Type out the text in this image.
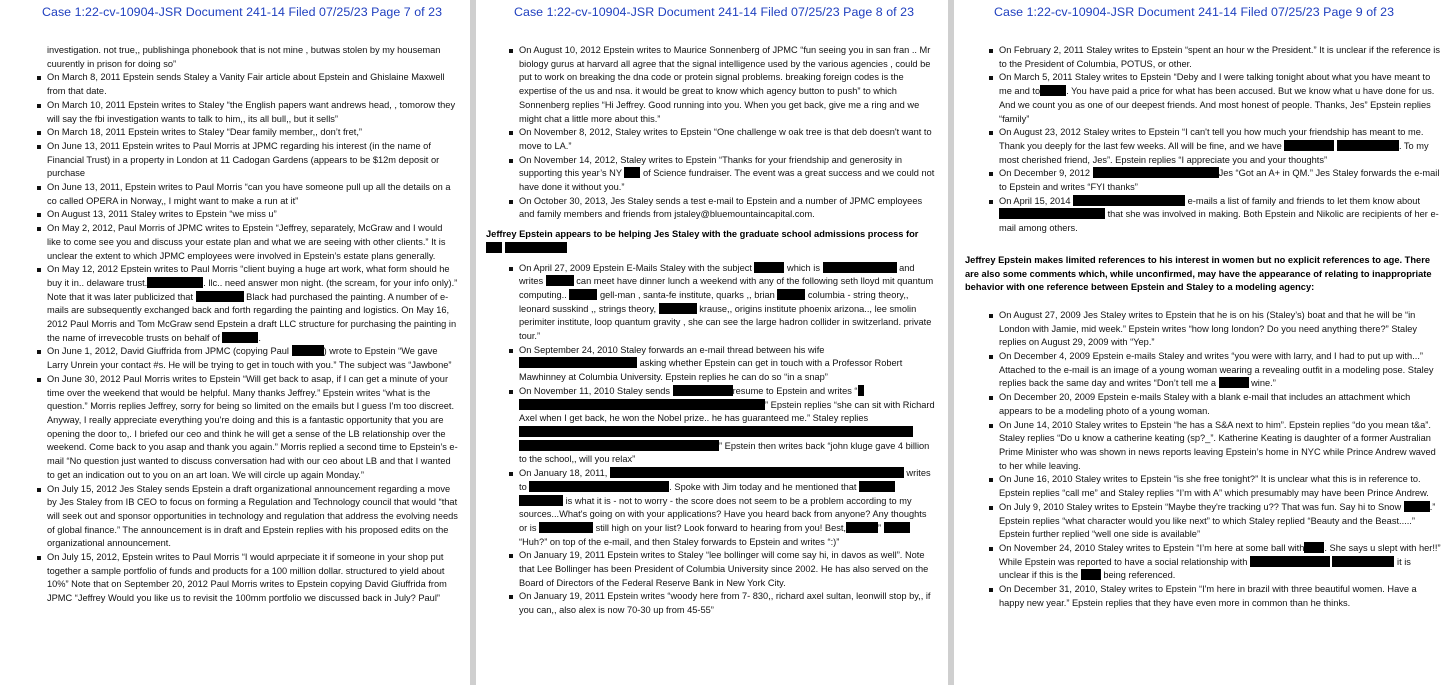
Case 1:22-cv-10904-JSR Document 241-14 Filed 07/25/23 Page 7 of 23
investigation. not true,, publishinga phonebook that is not mine , butwas stolen by my houseman cuurently in prison for doing so”
On March 8, 2011 Epstein sends Staley a Vanity Fair article about Epstein and Ghislaine Maxwell from that date.
On March 10, 2011 Epstein writes to Staley “the English papers want andrews head, , tomorow they will say the fbi investigation wants to talk to him,, its all bull,, but it sells”
On March 18, 2011 Epstein writes to Staley “Dear family member,, don’t fret,”
On June 13, 2011 Epstein writes to Paul Morris at JPMC regarding his interest (in the name of Financial Trust) in a property in London at 11 Cadogan Gardens (appears to be $12m deposit or purchase
On June 13, 2011, Epstein writes to Paul Morris “can you have someone pull up all the details on a co called OPERA in Norway,, I might want to make a run at it”
On August 13, 2011 Staley writes to Epstein “we miss u”
On May 2, 2012, Paul Morris of JPMC writes to Epstein “Jeffrey, separately, McGraw and I would like to come see you and discuss your estate plan and what we are seeing with other clients.” It is unclear the extent to which JPMC employees were involved in Epstein’s estate plans generally.
On May 12, 2012 Epstein writes to Paul Morris “client buying a huge art work, what form should he buy it in.. delaware trust.	. llc.. need answer mon night. (the scream, for your info only).” Note that it was later publicized that	Black had purchased the painting. A number of e-mails are subsequently exchanged back and forth regarding the painting and logistics. On May 16, 2012 Paul Morris and Tom McGraw send Epstein a draft LLC structure for purchasing the painting in the name of irrevecoble trusts on behalf of	.
On June 1, 2012, David Giuffrida from JPMC (copying Paul	) wrote to Epstein “We gave Larry Unrein your contact #s. He will be trying to get in touch with you.” The subject was “Jawbone”
On June 30, 2012 Paul Morris writes to Epstein “Will get back to asap, if I can get a minute of your time over the weekend that would be helpful. Many thanks Jeffrey.” Epstein writes “what is the question.” Morris replies Jeffrey, sorry for being so limited on the emails but I guess I'm too discreet. Anyway, I really appreciate everything you're doing and this is a fantastic opportunity that you are opening the door to,. I briefed our ceo and think he will get a sense of the LB relationship over the weekend. Come back to you asap and thank you again.” Morris replied a second time to Epstein’s e-mail “No question just wanted to discuss conversation had with our ceo about LB and that I wanted to get an indication out to you on an art loan. We will circle up again Monday.”
On July 15, 2012 Jes Staley sends Epstein a draft organizational announcement regarding a move by Jes Staley from IB CEO to focus on forming a Regulation and Technology council that would “that will seek out and sponsor opportunities in technology and regulation that address the evolving needs of global finance.” The announcement is in draft and Epstein replies with his proposed edits on the organizational announcement.
On July 15, 2012, Epstein writes to Paul Morris “I would aprpeciate it if someone in your shop put together a sample portfolio of funds and products for a 100 million dollar. structured to yield about 10%” Note that on September 20, 2012 Paul Morris writes to Epstein copying David Giuffrida from JPMC “Jeffrey Would you like us to revisit the 100mm portfolio we discussed back in July? Paul”
Case 1:22-cv-10904-JSR Document 241-14 Filed 07/25/23 Page 8 of 23
On August 10, 2012 Epstein writes to Maurice Sonnenberg of JPMC “fun seeing you in san fran .. Mr biology gurus at harvard all agree that the signal intelligence used by the various agencies , could be put to work on breaking the dna code or protein signal problems. breaking foreign codes is the expertise of the us and nsa. it would be great to know which agency button to push” to which Sonnenberg replies “Hi Jeffrey. Good running into you. When you get back, give me a ring and we might chat a little more about this.”
On November 8, 2012, Staley writes to Epstein “One challenge w oak tree is that deb doesn't want to move to LA.”
On November 14, 2012, Staley writes to Epstein “Thanks for your friendship and generosity in supporting this year’s NY  of Science fundraiser. The event was a great success and we could not have done it without you.”
On October 30, 2013, Jes Staley sends a test e-mail to Epstein and a number of JPMC employees and family members and friends from jstaley@bluemountaincapital.com.
Jeffrey Epstein appears to be helping Jes Staley with the graduate school admissions process for
On April 27, 2009 Epstein E-Mails Staley with the subject	which is	and writes	can meet have dinner lunch a weekend with any of the following seth lloyd mit quantum computing..	gell-man , santa-fe institute, quarks ,, brian	columbia - string theory,, leonard susskind ,, strings theory,	krause,, origins institute phoenix arizona.., lee smolin perimiter institute, loop quantum gravity , she can see the large hadron collider in switzerland. private tour.”
On September 24, 2010 Staley forwards an e-mail thread between his wife  asking whether Epstein can get in touch with a Professor Robert Mawhinney at Columbia University. Epstein replies he can do so “in a snap”
On November 11, 2010 Staley sends	resume to Epstein and writes “ ” Epstein replies “she can sit with Richard Axel when I get back, he won the Nobel prize.. he has guaranteed me.” Staley replies  ” Epstein then writes back “john kluge gave 4 billion to the school,, will you relax”
On January 18, 2011,	writes to	. Spoke with Jim today and he mentioned that   is what it is - not to worry - the score does not seem to be a problem according to my sources...What's going on with your applications? Have you heard back from anyone? Any thoughts or is	still high on your list? Look forward to hearing from you! Best,	”  “Huh?” on top of the e-mail, and then Staley forwards to Epstein and writes “:)”
On January 19, 2011 Epstein writes to Staley “lee bollinger will come say hi, in davos as well”. Note that Lee Bollinger has been President of Columbia University since 2002. He has also served on the Board of Directors of the Federal Reserve Bank in New York City.
On January 19, 2011 Epstein writes “woody here from 7- 830,, richard axel sultan, leonwill stop by,, if you can,, also alex is now 70-30 up from 45-55”
Case 1:22-cv-10904-JSR Document 241-14 Filed 07/25/23 Page 9 of 23
On February 2, 2011 Staley writes to Epstein “spent an hour w the President.” It is unclear if the reference is to the President of Columbia, POTUS, or other.
On March 5, 2011 Staley writes to Epstein “Deby and I were talking tonight about what you have meant to me and to	. You have paid a price for what has been accused. But we know what u have done for us. And we count you as one of our deepest friends. And most honest of people. Thanks, Jes” Epstein replies “family”
On August 23, 2012 Staley writes to Epstein “I can't tell you how much your friendship has meant to me. Thank you deeply for the last few weeks. All will be fine, and we have	. To my most cherished friend, Jes”. Epstein replies “I appreciate you and your thoughts”
On December 9, 2012	Jes “Got an A+ in QM.” Jes Staley forwards the e-mail to Epstein and writes “FYI thanks”
On April 15, 2014	e-mails a list of family and friends to let them know about  that she was involved in making. Both Epstein and Nikolic are recipients of her e-mail among others.
Jeffrey Epstein makes limited references to his interest in women but no explicit references to age. There are also some comments which, while unconfirmed, may have the appearance of relating to inappropriate behavior with one reference between Epstein and Staley to a modeling agency:
On August 27, 2009 Jes Staley writes to Epstein that he is on his (Staley’s) boat and that he will be “in London with Jamie, mid week.” Epstein writes “how long london? Do you need anything there?” Staley replies on August 29, 2009 with “Yep.”
On December 4, 2009 Epstein e-mails Staley and writes “you were with larry, and I had to put up with...” Attached to the e-mail is an image of a young woman wearing a revealing outfit in a modeling pose. Staley replies back the same day and writes “Don’t tell me a	wine.”
On December 20, 2009 Epstein e-mails Staley with a blank e-mail that includes an attachment which appears to be a modeling photo of a young woman.
On June 14, 2010 Staley writes to Epstein “he has a S&A next to him”. Epstein replies “do you mean t&a”. Staley replies “Do u know a catherine keating (sp?_”. Katherine Keating is daughter of a former Australian Prime Minister who was shown in news reports leaving Epstein’s home in NYC while Prince Andrew waved to her while leaving.
On June 16, 2010 Staley writes to Epstein “is she free tonight?” It is unclear what this is in reference to. Epstein replies “call me” and Staley replies “I’m with A” which presumably may have been Prince Andrew.
On July 9, 2010 Staley writes to Epstein “Maybe they're tracking u?? That was fun. Say hi to Snow	.” Epstein replies “what character would you like next” to which Staley replied “Beauty and the Beast.....” Epstein further replied “well one side is available”
On November 24, 2010 Staley writes to Epstein “I’m here at some ball with . She says u slept with her!!” While Epstein was reported to have a social relationship with	it is unclear if this is the  being referenced.
On December 31, 2010, Staley writes to Epstein “I'm here in brazil with three beautiful women. Have a happy new year.” Epstein replies that they have even more in common than he thinks.
